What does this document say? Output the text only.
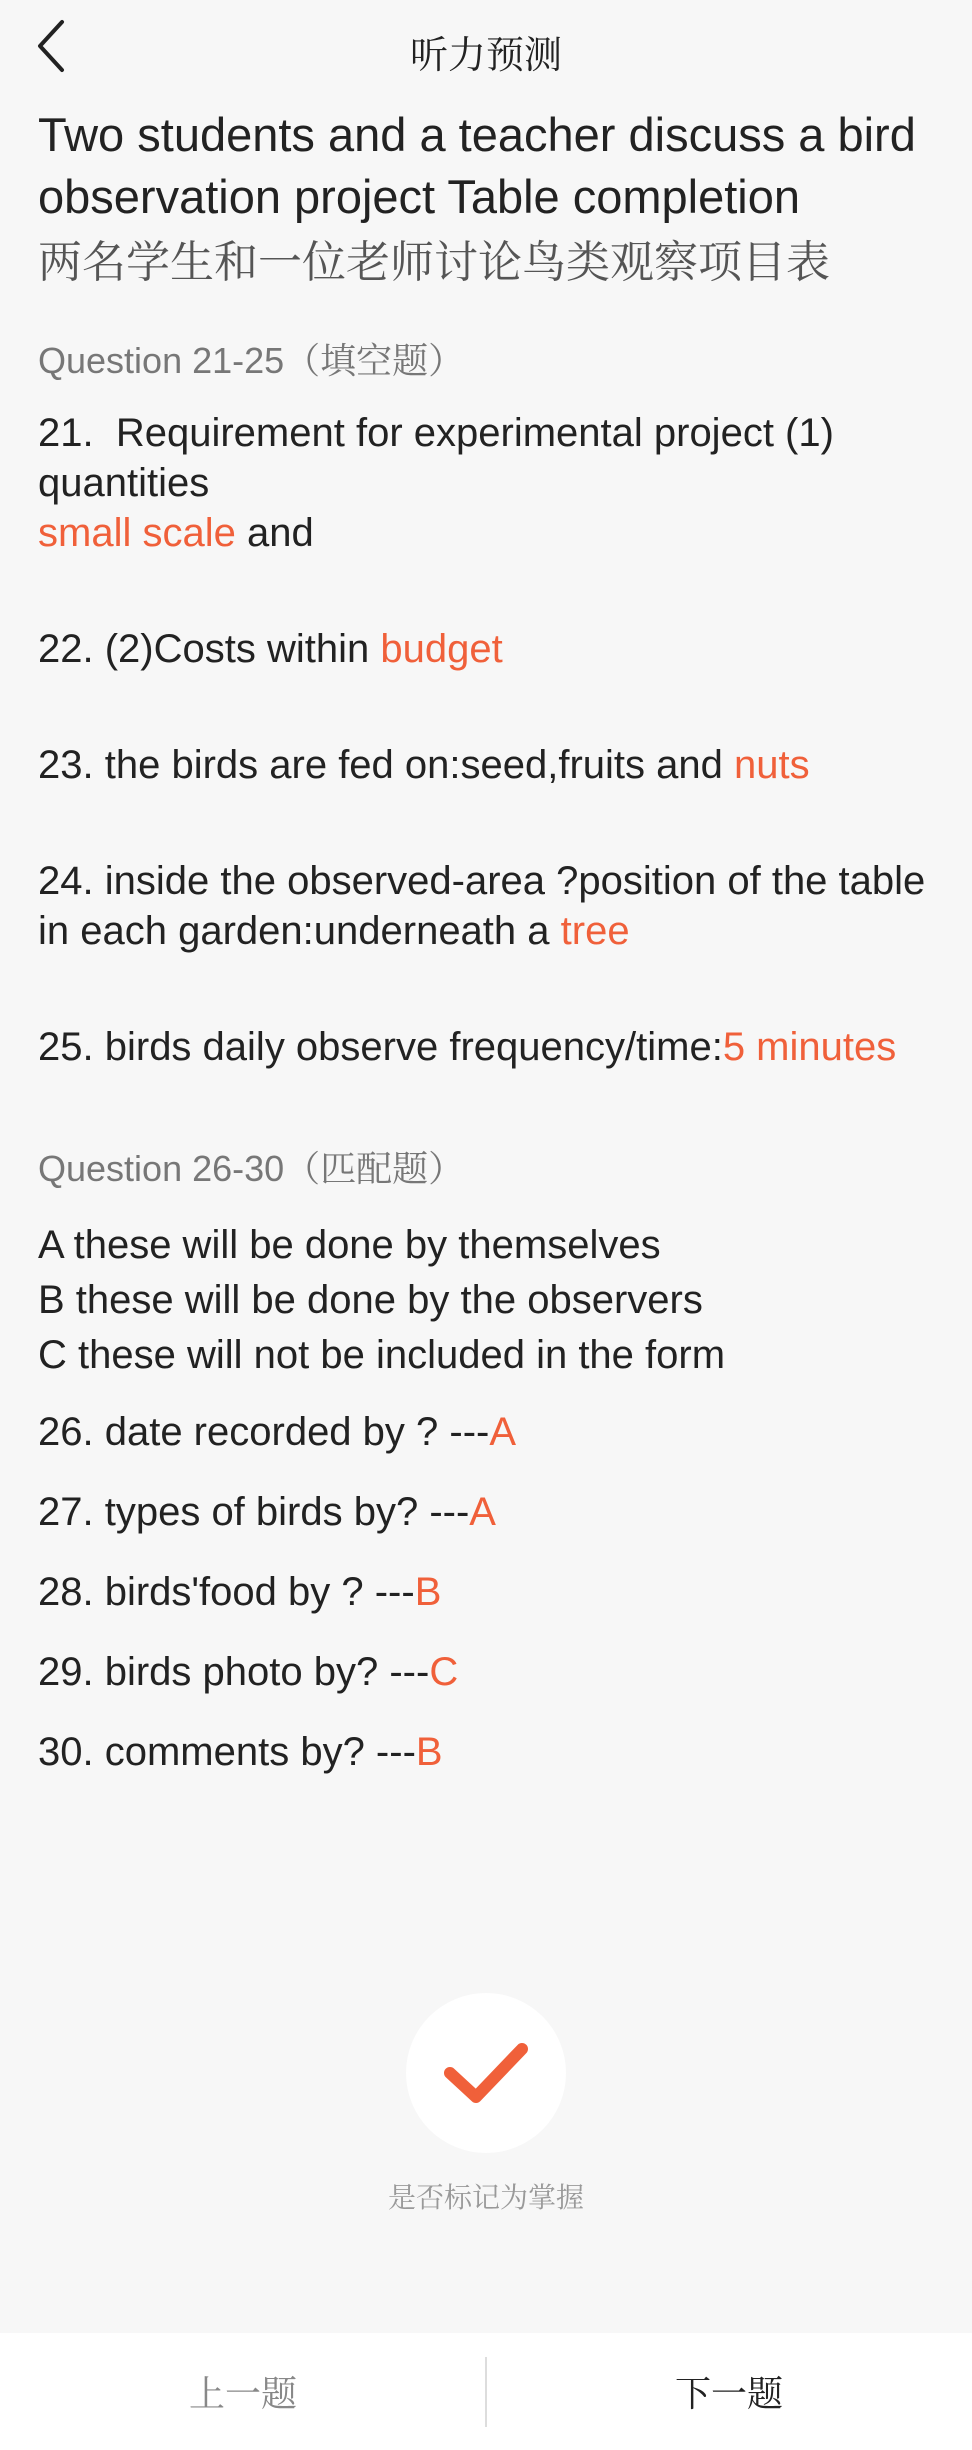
听力预测
Two students and a teacher discuss a bird observation project Table completion
两名学生和一位老师讨论鸟类观察项目表
Question 21-25（填空题）
21. Requirement for experimental project (1) quantities
small scale and
22. (2)Costs within budget
23. the birds are fed on:seed,fruits and nuts
24. inside the observed-area ?position of the table in each garden:underneath a tree
25. birds daily observe frequency/time:5 minutes
Question 26-30（匹配题）
A these will be done by themselves
B these will be done by the observers
C these will not be included in the form
26. date recorded by ? ---A
27. types of birds by? ---A
28. birds'food by ? ---B
29. birds photo by? ---C
30. comments by? ---B
是否标记为掌握
上一题	下一题
